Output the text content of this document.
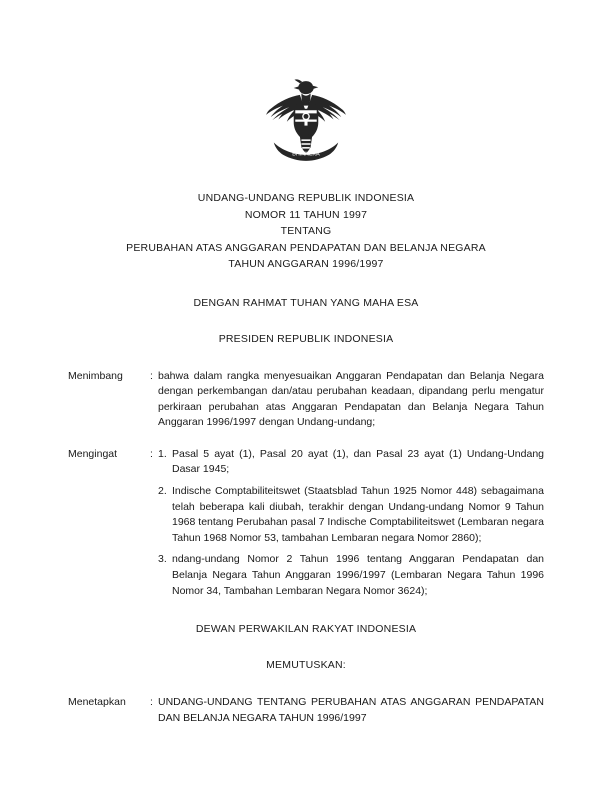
BHINNEKA
UNDANG-UNDANG REPUBLIK INDONESIA
NOMOR 11 TAHUN 1997
TENTANG
PERUBAHAN ATAS ANGGARAN PENDAPATAN DAN BELANJA NEGARA
TAHUN ANGGARAN 1996/1997
DENGAN RAHMAT TUHAN YANG MAHA ESA
PRESIDEN REPUBLIK INDONESIA
Menimbang	: bahwa dalam rangka menyesuaikan Anggaran Pendapatan dan Belanja Negara dengan perkembangan dan/atau perubahan keadaan, dipandang perlu mengatur perkiraan perubahan atas Anggaran Pendapatan dan Belanja Negara Tahun Anggaran 1996/1997 dengan Undang-undang;
Mengingat	: 1. Pasal 5 ayat (1), Pasal 20 ayat (1), dan Pasal 23 ayat (1) Undang-Undang Dasar 1945;
2. Indische Comptabiliteitswet (Staatsblad Tahun 1925 Nomor 448) sebagaimana telah beberapa kali diubah, terakhir dengan Undang-undang Nomor 9 Tahun 1968 tentang Perubahan pasal 7 Indische Comptabiliteitswet (Lembaran negara Tahun 1968 Nomor 53, tambahan Lembaran negara Nomor 2860);
3. ndang-undang Nomor 2 Tahun 1996 tentang Anggaran Pendapatan dan Belanja Negara Tahun Anggaran 1996/1997 (Lembaran Negara Tahun 1996 Nomor 34, Tambahan Lembaran Negara Nomor 3624);
DEWAN PERWAKILAN RAKYAT INDONESIA
MEMUTUSKAN:
Menetapkan	: UNDANG-UNDANG TENTANG PERUBAHAN ATAS ANGGARAN PENDAPATAN DAN BELANJA NEGARA TAHUN 1996/1997
